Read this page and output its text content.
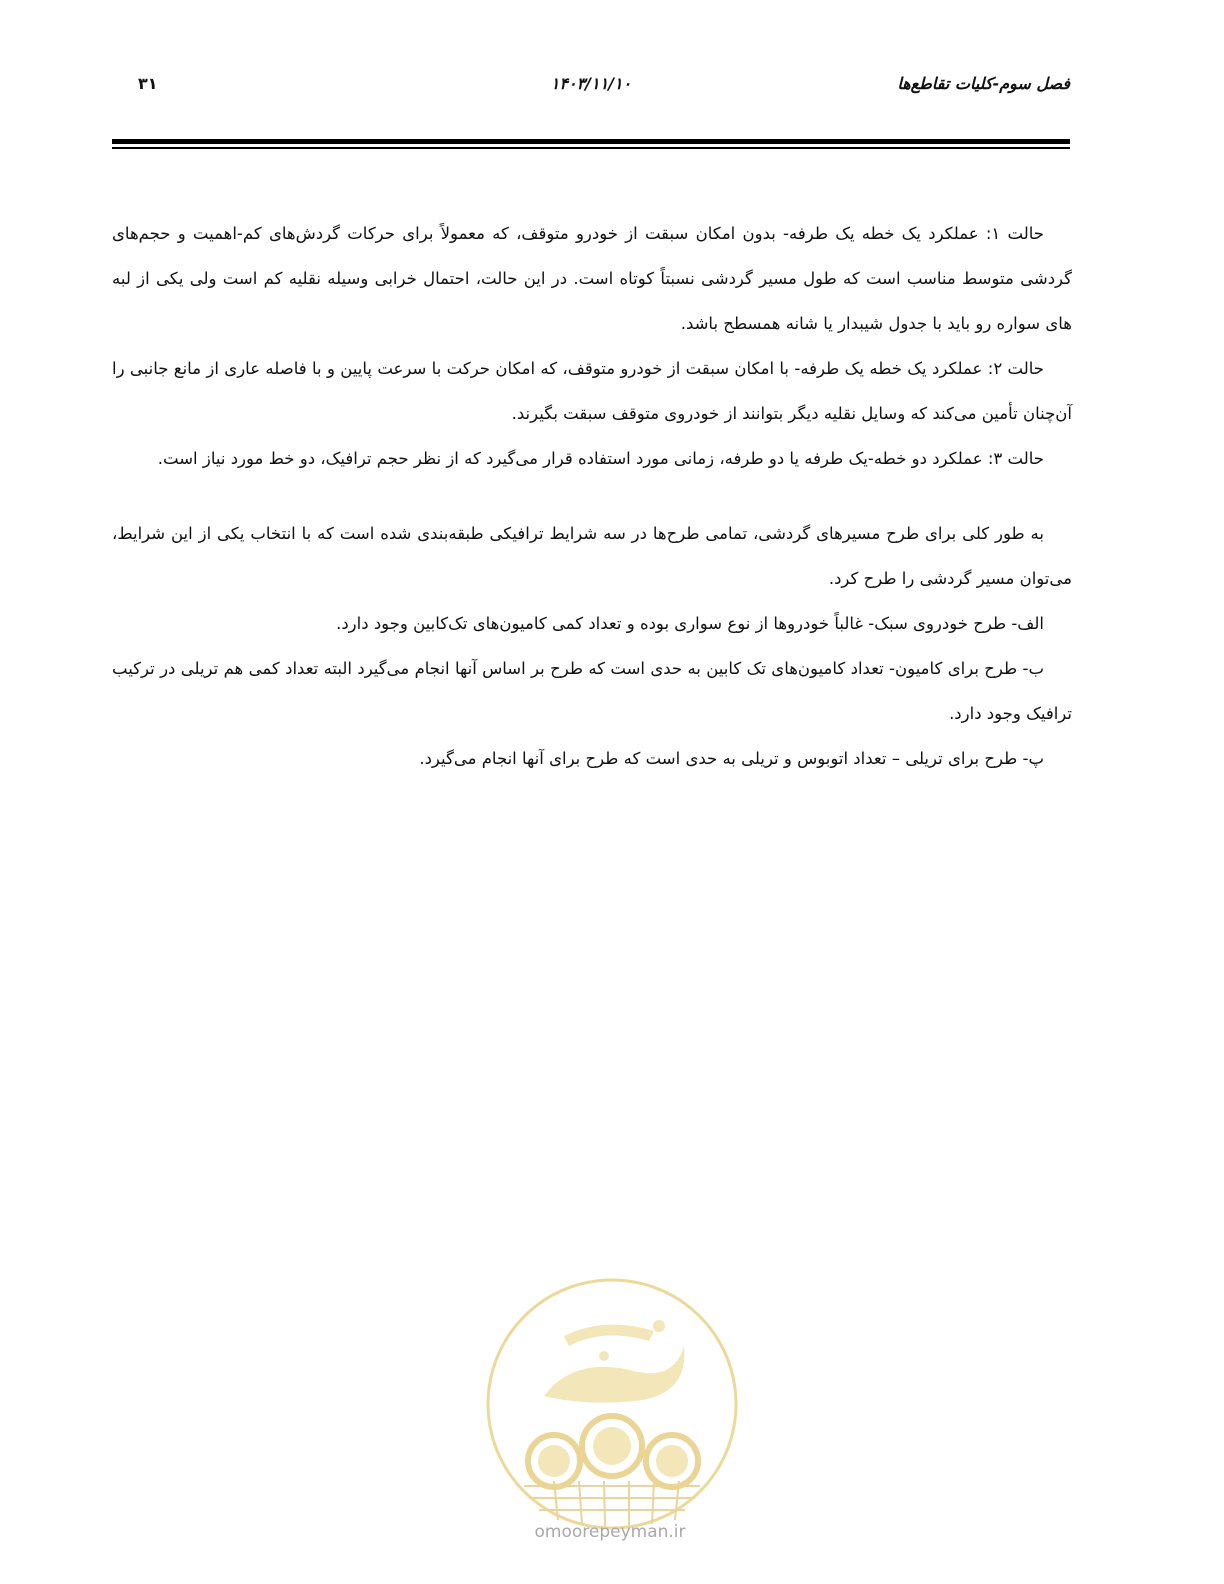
فصل سوم-کلیات تقاطع‌ها
۱۴۰۳/۱۱/۱۰
۳۱

حالت ۱: عملکرد یک خطه یک طرفه- بدون امکان سبقت از خودرو متوقف، که معمولاً برای حرکات گردش‌های کم-اهمیت و حجم‌های گردشی متوسط مناسب است که طول مسیر گردشی نسبتاً کوتاه است. در این حالت، احتمال خرابی وسیله نقلیه کم است ولی یکی از لبه های سواره رو باید با جدول شیبدار یا شانه همسطح باشد.

حالت ۲: عملکرد یک خطه یک طرفه- با امکان سبقت از خودرو متوقف، که امکان حرکت با سرعت پایین و با فاصله عاری از مانع جانبی را آن‌چنان تأمین می‌کند که وسایل نقلیه دیگر بتوانند از خودروی متوقف سبقت بگیرند.

حالت ۳: عملکرد دو خطه-یک طرفه یا دو طرفه، زمانی مورد استفاده قرار می‌گیرد که از نظر حجم ترافیک، دو خط مورد نیاز است.

به طور کلی برای طرح مسیرهای گردشی، تمامی طرح‌ها در سه شرایط ترافیکی طبقه‌بندی شده است که با انتخاب یکی از این شرایط، می‌توان مسیر گردشی را طرح کرد.

الف- طرح خودروی سبک- غالباً خودروها از نوع سواری بوده و تعداد کمی کامیون‌های تک‌کابین وجود دارد.

ب- طرح برای کامیون- تعداد کامیون‌های تک کابین به حدی است که طرح بر اساس آنها انجام می‌گیرد البته تعداد کمی هم تریلی در ترکیب ترافیک وجود دارد.

پ- طرح برای تریلی – تعداد اتوبوس و تریلی به حدی است که طرح برای آنها انجام می‌گیرد.

omoorepeyman.ir
